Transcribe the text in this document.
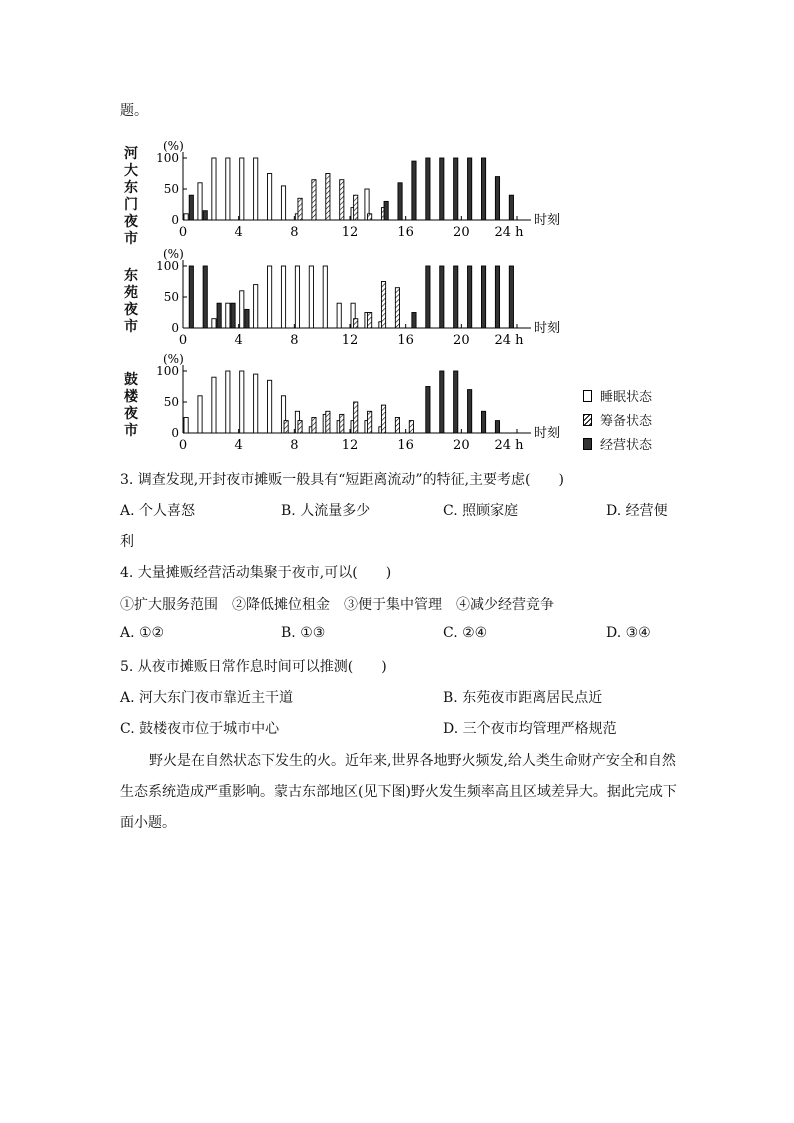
题。
河
大
东
门
夜
市
东
苑
夜
市
鼓
楼
夜
市
0
50
100
(%)
0	4	8	12	16	20 24 h
时刻
0
50
100
(%)
0	4	8	12	16	20 24 h
时刻
0
50
100
(%)
0	4	8	12	16	20 24 h
时刻
睡眠状态
筹备状态
经营状态
3. 调查发现,开封夜市摊贩一般具有“短距离流动”的特征,主要考虑(　　)
A. 个人喜怒	B. 人流量多少	C. 照顾家庭	D. 经营便
利
4. 大量摊贩经营活动集聚于夜市,可以(　　)
①扩大服务范围　②降低摊位租金　③便于集中管理　④减少经营竞争
A. ①②	B. ①③	C. ②④	D. ③④
5. 从夜市摊贩日常作息时间可以推测(　　)
A. 河大东门夜市靠近主干道	B. 东苑夜市距离居民点近
C. 鼓楼夜市位于城市中心	D. 三个夜市均管理严格规范
野火是在自然状态下发生的火。近年来,世界各地野火频发,给人类生命财产安全和自然
生态系统造成严重影响。蒙古东部地区(见下图)野火发生频率高且区域差异大。据此完成下
面小题。
